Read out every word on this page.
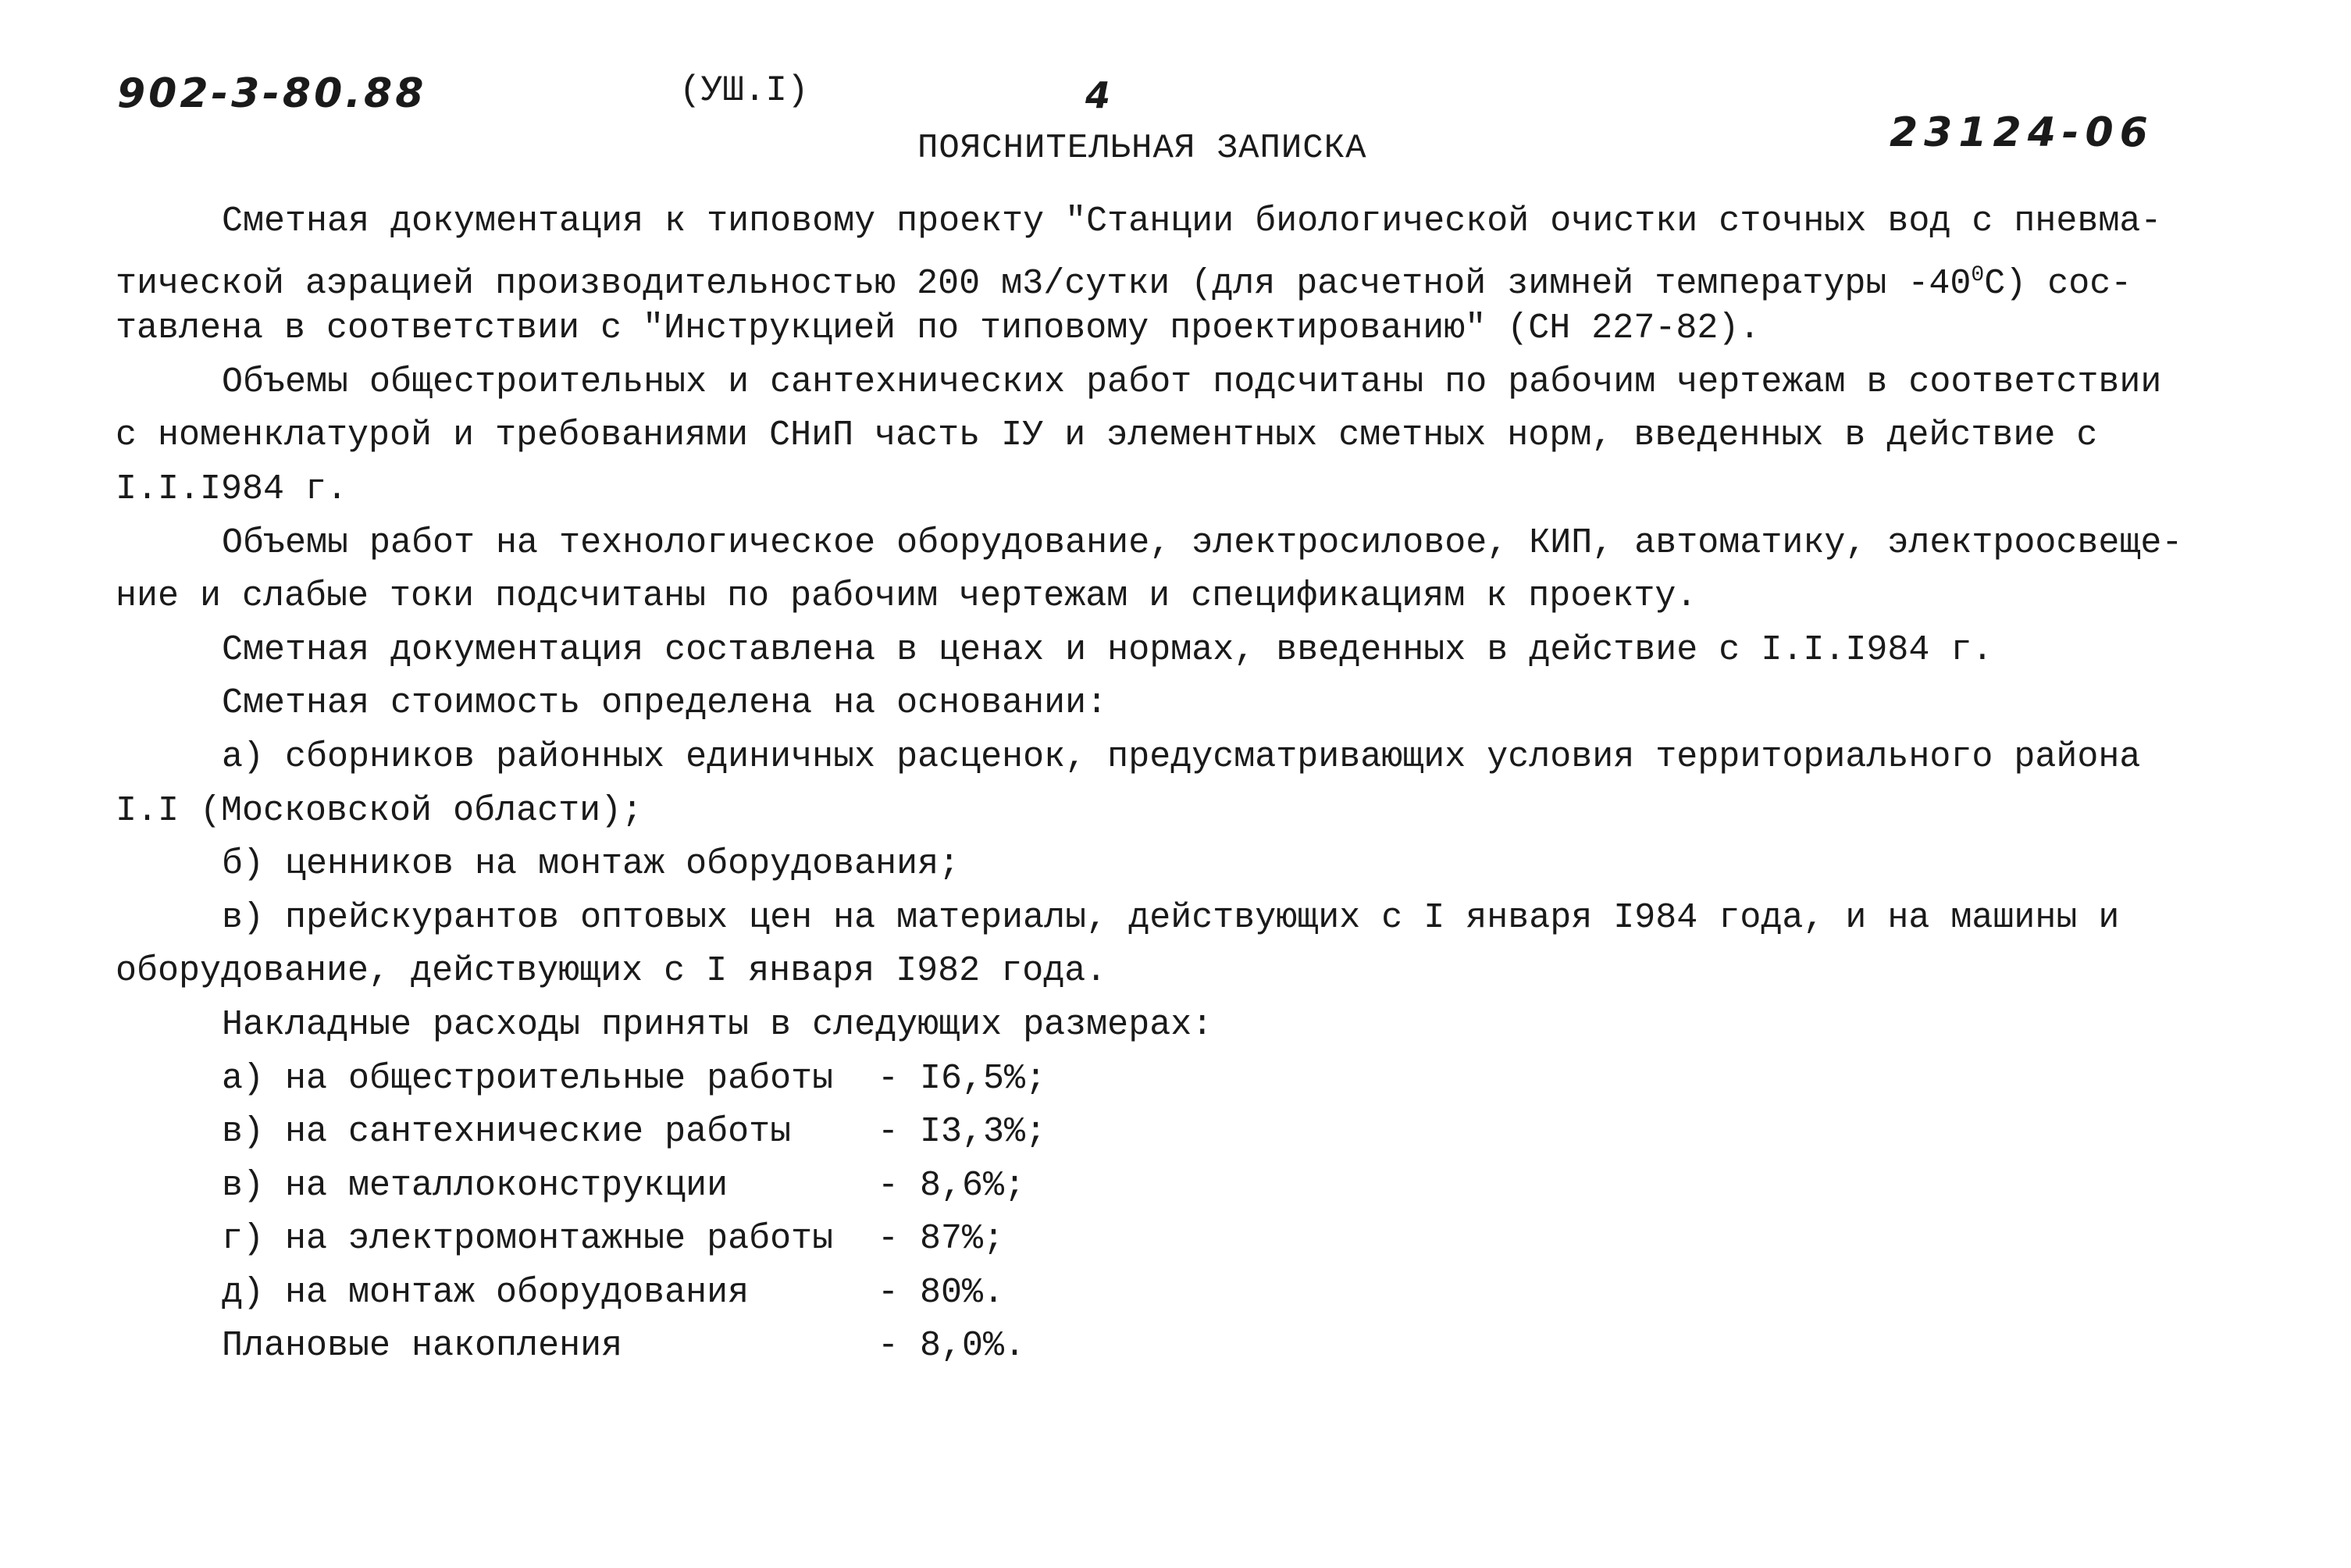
902-3-80.88	(УШ.I)	4
23124-06
ПОЯСНИТЕЛЬНАЯ ЗАПИСКА
Сметная документация к типовому проекту "Станции биологической очистки сточных вод с пневма-
тической аэрацией производительностью 200 м3/сутки (для расчетной зимней температуры $-40^0С$) сос-
тавлена в соответствии с "Инструкцией по типовому проектированию" (СН 227-82).
Объемы общестроительных и сантехнических работ подсчитаны по рабочим чертежам в соответствии
с номенклатурой и требованиями СНиП часть IУ и элементных сметных норм, введенных в действие с
I.I.I984 г.
Объемы работ на технологическое оборудование, электросиловое, КИП, автоматику, электроосвеще-
ние и слабые токи подсчитаны по рабочим чертежам и спецификациям к проекту.
Сметная документация составлена в ценах и нормах, введенных в действие с I.I.I984 г.
Сметная стоимость определена на основании:
а) сборников районных единичных расценок, предусматривающих условия территориального района
I.I (Московской области);
б) ценников на монтаж оборудования;
в) прейскурантов оптовых цен на материалы, действующих с I января I984 года, и на машины и
оборудование, действующих с I января I982 года.
Накладные расходы приняты в следующих размерах:
а) на общестроительные работы	- I6,5%;
в) на сантехнические работы	- I3,3%;
в) на металлоконструкции	- 8,6%;
г) на электромонтажные работы	- 87%;
д) на монтаж оборудования	- 80%.
Плановые накопления	- 8,0%.
